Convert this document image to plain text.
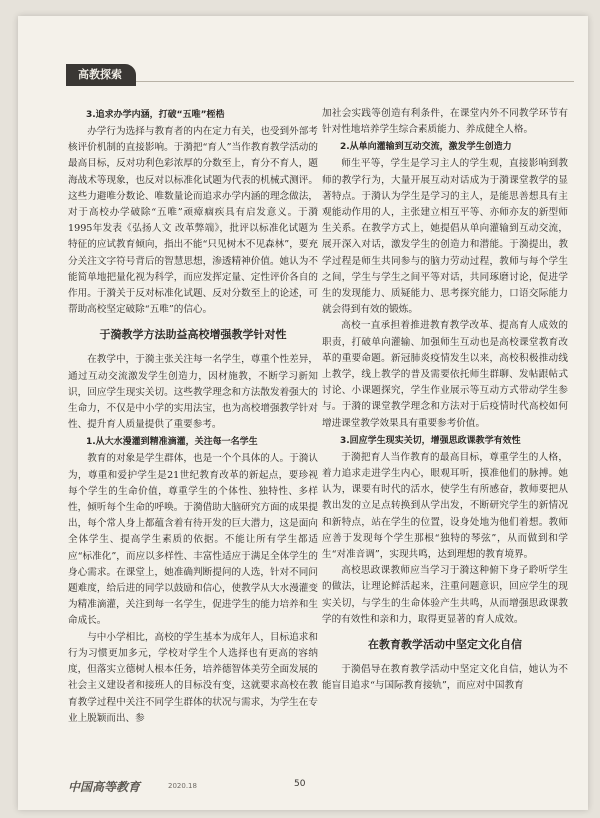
高教探索
3.追求办学内涵，打破“五唯”桎梏
办学行为选择与教育者的内在定力有关，也受到外部考核评价机制的直接影响。于漪把“育人”当作教育教学活动的最高目标，反对功利色彩浓厚的分数至上，育分不育人，题海战术等现象，也反对以标准化试题为代表的机械式测评。这些力避唯分数论、唯数量论而追求办学内涵的理念做法，对于高校办学破除“五唯”顽瘴痼疾具有启发意义。于漪1995年发表《弘扬人文 改革弊端》，批评以标准化试题为特征的应试教育倾向，指出不能“只见树木不见森林”，要充分关注文字符号背后的智慧思想，渗透精神价值。她认为不能简单地把量化视为科学，而应发挥定量、定性评价各自的作用。于漪关于反对标准化试题、反对分数至上的论述，可帮助高校坚定破除“五唯”的信心。
于漪教学方法助益高校增强教学针对性
在教学中，于漪主张关注每一名学生，尊重个性差异，通过互动交流激发学生创造力，因材施教，不断学习新知识，回应学生现实关切。这些教学理念和方法散发着强大的生命力，不仅是中小学的实用法宝，也为高校增强教学针对性、提升育人质量提供了重要参考。
1.从大水漫灌到精准滴灌，关注每一名学生
教育的对象是学生群体，也是一个个具体的人。于漪认为，尊重和爱护学生是21世纪教育改革的新起点，要珍视每个学生的生命价值，尊重学生的个体性、独特性、多样性，倾听每个生命的呼唤。于漪借助大脑研究方面的成果提出，每个常人身上都蕴含着有待开发的巨大潜力，这是面向全体学生、提高学生素质的依据。不能让所有学生都适应“标准化”，而应以多样性、丰富性适应于满足全体学生的身心需求。在课堂上，她准确判断提问的人选，针对不同问题难度，给后进的同学以鼓励和信心，使教学从大水漫灌变为精准滴灌，关注到每一名学生，促进学生的能力培养和生命成长。
与中小学相比，高校的学生基本为成年人，目标追求和行为习惯更加多元，学校对学生个人选择也有更高的容纳度，但落实立德树人根本任务，培养德智体美劳全面发展的社会主义建设者和接班人的目标没有变，这就要求高校在教育教学过程中关注不同学生群体的状况与需求，为学生在专业上脱颖而出、参
加社会实践等创造有利条件，在课堂内外不同教学环节有针对性地培养学生综合素质能力、养成健全人格。
2.从单向灌输到互动交流，激发学生创造力
师生平等，学生是学习主人的学生观，直接影响到教师的教学行为，大量开展互动对话成为于漪课堂教学的显著特点。于漪认为学生是学习的主人，是能思善想具有主观能动作用的人，主张建立相互平等、亦师亦友的新型师生关系。在教学方式上，她提倡从单向灌输到互动交流，展开深入对话，激发学生的创造力和潜能。于漪提出，教学过程是师生共同参与的脑力劳动过程，教师与每个学生之间，学生与学生之间平等对话，共同琢磨讨论，促进学生的发现能力、质疑能力、思考探究能力，口语交际能力就会得到有效的锻炼。
高校一直承担着推进教育教学改革、提高育人成效的职责，打破单向灌输、加强师生互动也是高校课堂教育改革的重要命题。新冠肺炎疫情发生以来，高校积极推动线上教学，线上教学的普及需要依托师生群聊、发帖跟帖式讨论、小课题探究，学生作业展示等互动方式带动学生参与。于漪的课堂教学理念和方法对于后疫情时代高校如何增进课堂教学效果具有重要参考价值。
3.回应学生现实关切，增强思政课教学有效性
于漪把育人当作教育的最高目标，尊重学生的人格，着力追求走进学生内心，眼观耳听，摸准他们的脉搏。她认为，课要有时代的活水，使学生有所感奋，教师要把从教出发的立足点转换到从学出发，不断研究学生的新情况和新特点，站在学生的位置，设身处地为他们着想。教师应善于发现每个学生那根“独特的琴弦”，从而做到和学生“对准音调”，实现共鸣，达到理想的教育境界。
高校思政课教师应当学习于漪这种俯下身子聆听学生的做法，让理论鲜活起来，注重问题意识，回应学生的现实关切，与学生的生命体验产生共鸣，从而增强思政课教学的有效性和亲和力，取得更显著的育人成效。
在教育教学活动中坚定文化自信
于漪倡导在教育教学活动中坚定文化自信，她认为不能盲目追求“与国际教育接轨”，而应对中国教育
中国高等教育	2020.18	50
